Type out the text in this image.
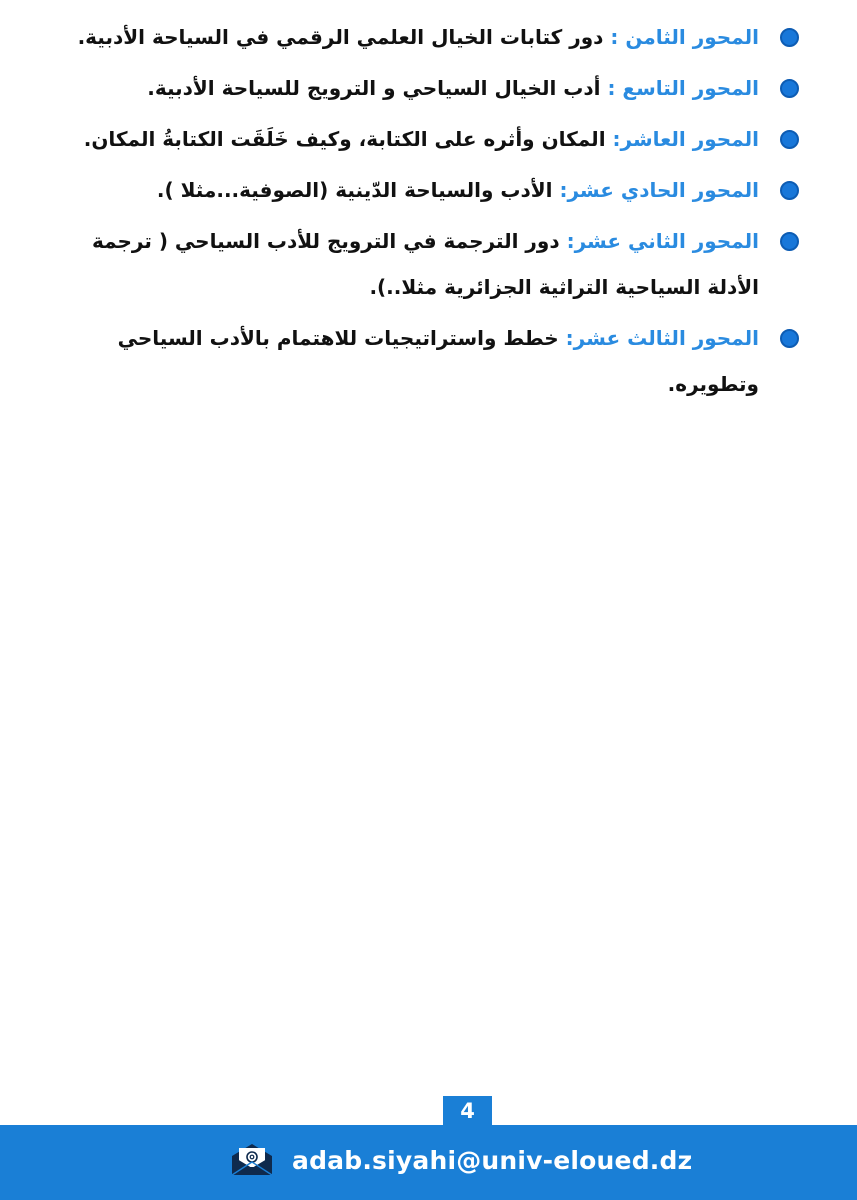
المحور الثامن : دور كتابات الخيال العلمي الرقمي في السياحة الأدبية.
المحور التاسع : أدب الخيال السياحي و الترويج للسياحة الأدبية.
المحور العاشر: المكان وأثره على الكتابة، وكيف خَلَقَت الكتابةُ المكان.
المحور الحادي عشر: الأدب والسياحة الدّينية (الصوفية...مثلا ).
المحور الثاني عشر: دور الترجمة في الترويج للأدب السياحي ( ترجمة الأدلة السياحية التراثية الجزائرية مثلا..).
المحور الثالث عشر: خطط واستراتيجيات للاهتمام بالأدب السياحي وتطويره.
4
adab.siyahi@univ-eloued.dz
